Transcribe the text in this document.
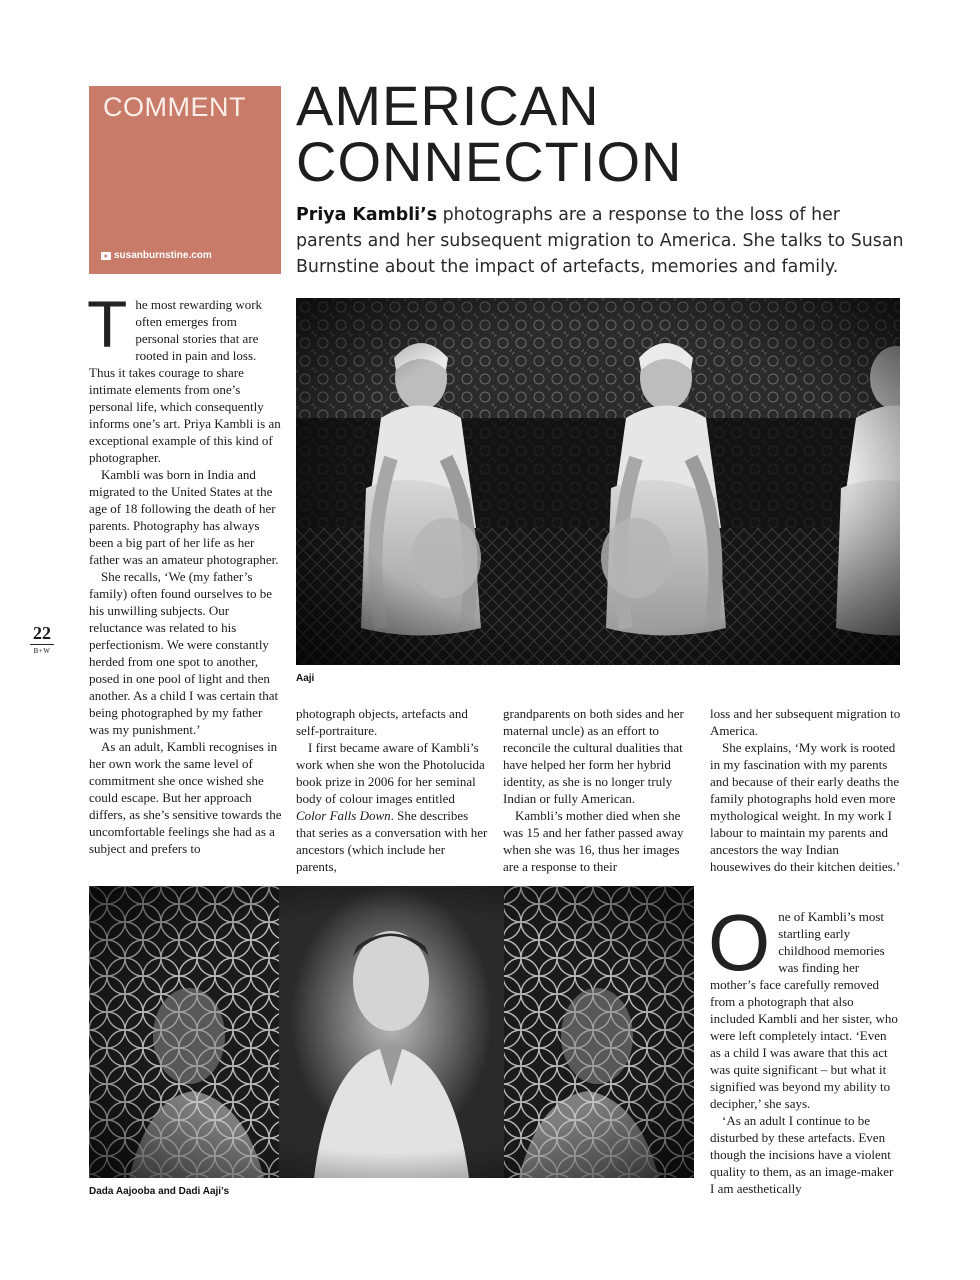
COMMENT
susanburnstine.com
AMERICAN
CONNECTION

Priya Kambli’s photographs are a response to the loss of her parents and her subsequent migration to America. She talks to Susan Burnstine about the impact of artefacts, memories and family.

Aaji
22
B+W

The most rewarding work often emerges from personal stories that are rooted in pain and loss. Thus it takes courage to share intimate elements from one’s personal life, which consequently informs one’s art. Priya Kambli is an exceptional example of this kind of photographer.

Kambli was born in India and migrated to the United States at the age of 18 following the death of her parents. Photography has always been a big part of her life as her father was an amateur photographer.

She recalls, ‘We (my father’s family) often found ourselves to be his unwilling subjects. Our reluctance was related to his perfectionism. We were constantly herded from one spot to another, posed in one pool of light and then another. As a child I was certain that being photographed by my father was my punishment.’

As an adult, Kambli recognises in her own work the same level of commitment she once wished she could escape. But her approach differs, as she’s sensitive towards the uncomfortable feelings she had as a subject and prefers to

photograph objects, artefacts and self-portraiture.

I first became aware of Kambli’s work when she won the Photolucida book prize in 2006 for her seminal body of colour images entitled Color Falls Down. She describes that series as a conversation with her ancestors (which include her parents,

grandparents on both sides and her maternal uncle) as an effort to reconcile the cultural dualities that have helped her form her hybrid identity, as she is no longer truly Indian or fully American.

Kambli’s mother died when she was 15 and her father passed away when she was 16, thus her images are a response to their

loss and her subsequent migration to America.

She explains, ‘My work is rooted in my fascination with my parents and because of their early deaths the family photographs hold even more mythological weight. In my work I labour to maintain my parents and ancestors the way Indian housewives do their kitchen deities.’

Dada Aajooba and Dadi Aaji’s

One of Kambli’s most startling early childhood memories was finding her mother’s face carefully removed from a photograph that also included Kambli and her sister, who were left completely intact. ‘Even as a child I was aware that this act was quite significant – but what it signified was beyond my ability to decipher,’ she says.

‘As an adult I continue to be disturbed by these artefacts. Even though the incisions have a violent quality to them, as an image-maker I am aesthetically
